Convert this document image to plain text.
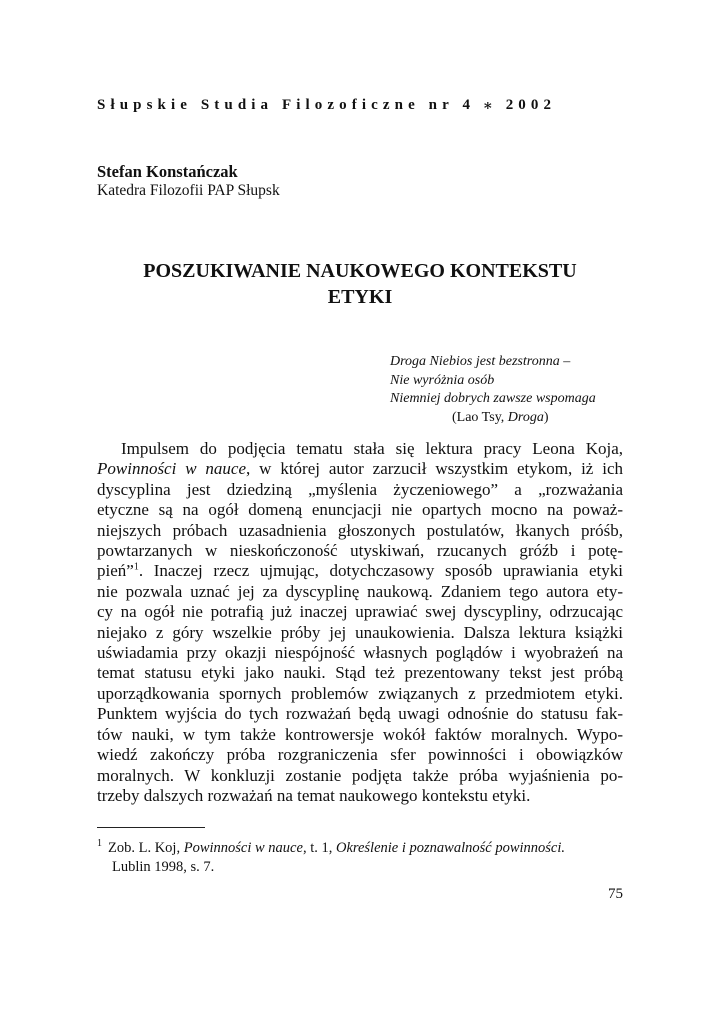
Słupskie Studia Filozoficzne nr 4 ⁎ 2002
Stefan Konstańczak
Katedra Filozofii PAP Słupsk
POSZUKIWANIE NAUKOWEGO KONTEKSTU
ETYKI
Droga Niebios jest bezstronna –
Nie wyróżnia osób
Niemniej dobrych zawsze wspomaga
(Lao Tsy, Droga)
Impulsem do podjęcia tematu stała się lektura pracy Leona Koja,
Powinności w nauce, w której autor zarzucił wszystkim etykom, iż ich
dyscyplina jest dziedziną „myślenia życzeniowego” a „rozważania
etyczne są na ogół domeną enuncjacji nie opartych mocno na poważ-
niejszych próbach uzasadnienia głoszonych postulatów, łkanych próśb,
powtarzanych w nieskończoność utyskiwań, rzucanych gróźb i potę-
pień”$^1$. Inaczej rzecz ujmując, dotychczasowy sposób uprawiania etyki
nie pozwala uznać jej za dyscyplinę naukową. Zdaniem tego autora ety-
cy na ogół nie potrafią już inaczej uprawiać swej dyscypliny, odrzucając
niejako z góry wszelkie próby jej unaukowienia. Dalsza lektura książki
uświadamia przy okazji niespójność własnych poglądów i wyobrażeń na
temat statusu etyki jako nauki. Stąd też prezentowany tekst jest próbą
uporządkowania spornych problemów związanych z przedmiotem etyki.
Punktem wyjścia do tych rozważań będą uwagi odnośnie do statusu fak-
tów nauki, w tym także kontrowersje wokół faktów moralnych. Wypo-
wiedź zakończy próba rozgraniczenia sfer powinności i obowiązków
moralnych. W konkluzji zostanie podjęta także próba wyjaśnienia po-
trzeby dalszych rozważań na temat naukowego kontekstu etyki.
$^1$ Zob. L. Koj, Powinności w nauce, t. 1, Określenie i poznawalność powinności.
Lublin 1998, s. 7.
75
